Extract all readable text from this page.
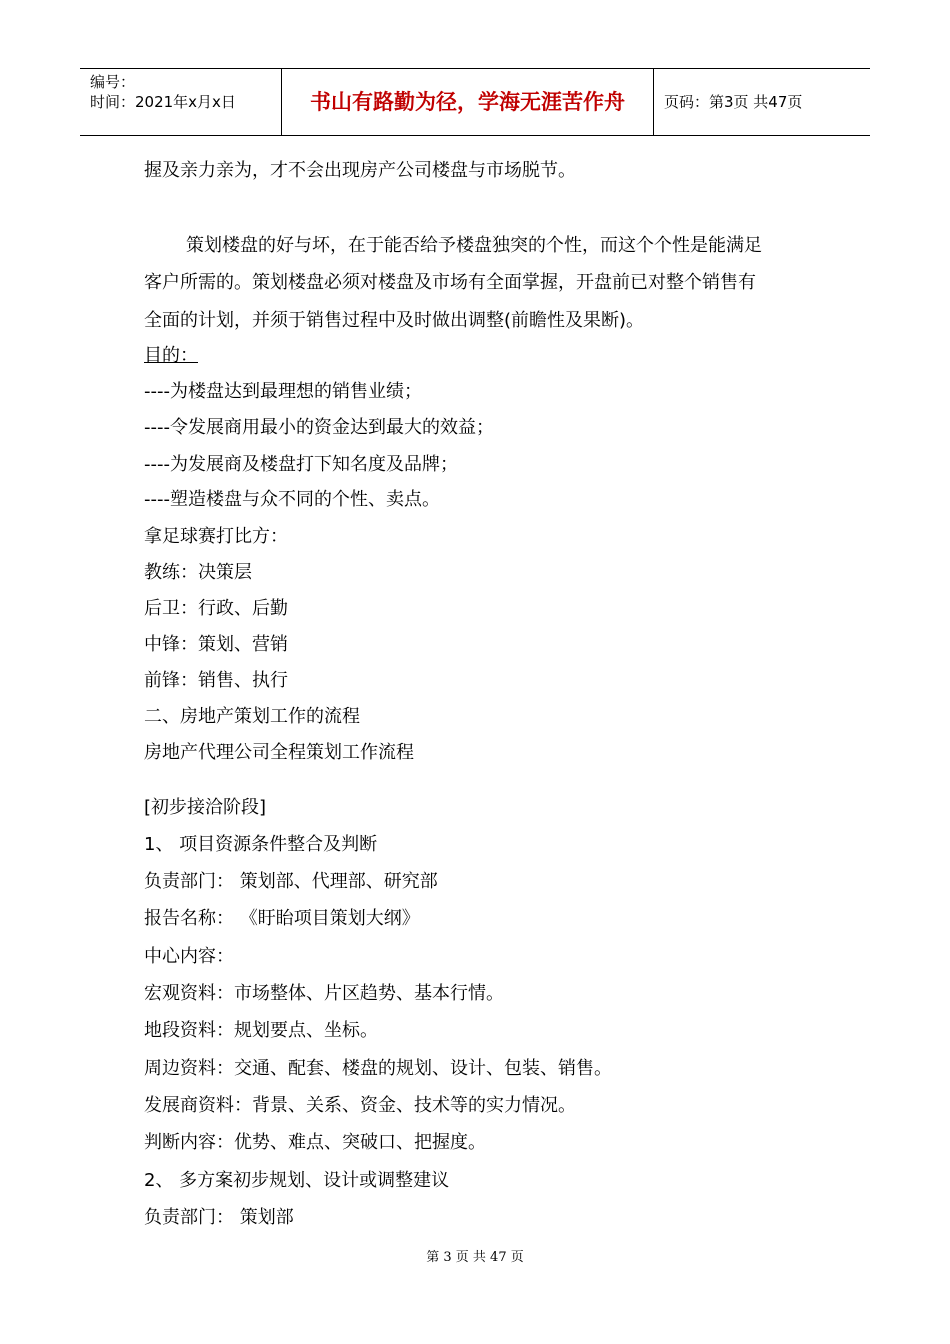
编号：
时间：2021年x月x日	书山有路勤为径，学海无涯苦作舟	页码：第3页 共47页
握及亲力亲为，才不会出现房产公司楼盘与市场脱节。
策划楼盘的好与坏，在于能否给予楼盘独突的个性，而这个个性是能满足
客户所需的。策划楼盘必须对楼盘及市场有全面掌握，开盘前已对整个销售有
全面的计划，并须于销售过程中及时做出调整(前瞻性及果断)。
目的：
----为楼盘达到最理想的销售业绩；
----令发展商用最小的资金达到最大的效益；
----为发展商及楼盘打下知名度及品牌；
----塑造楼盘与众不同的个性、卖点。
拿足球赛打比方：
教练：决策层
后卫：行政、后勤
中锋：策划、营销
前锋：销售、执行
二、房地产策划工作的流程
房地产代理公司全程策划工作流程
[初步接洽阶段]
1、 项目资源条件整合及判断
负责部门： 策划部、代理部、研究部
报告名称： 《盱眙项目策划大纲》
中心内容：
宏观资料：市场整体、片区趋势、基本行情。
地段资料：规划要点、坐标。
周边资料：交通、配套、楼盘的规划、设计、包装、销售。
发展商资料：背景、关系、资金、技术等的实力情况。
判断内容：优势、难点、突破口、把握度。
2、 多方案初步规划、设计或调整建议
负责部门： 策划部
第 3 页 共 47 页
